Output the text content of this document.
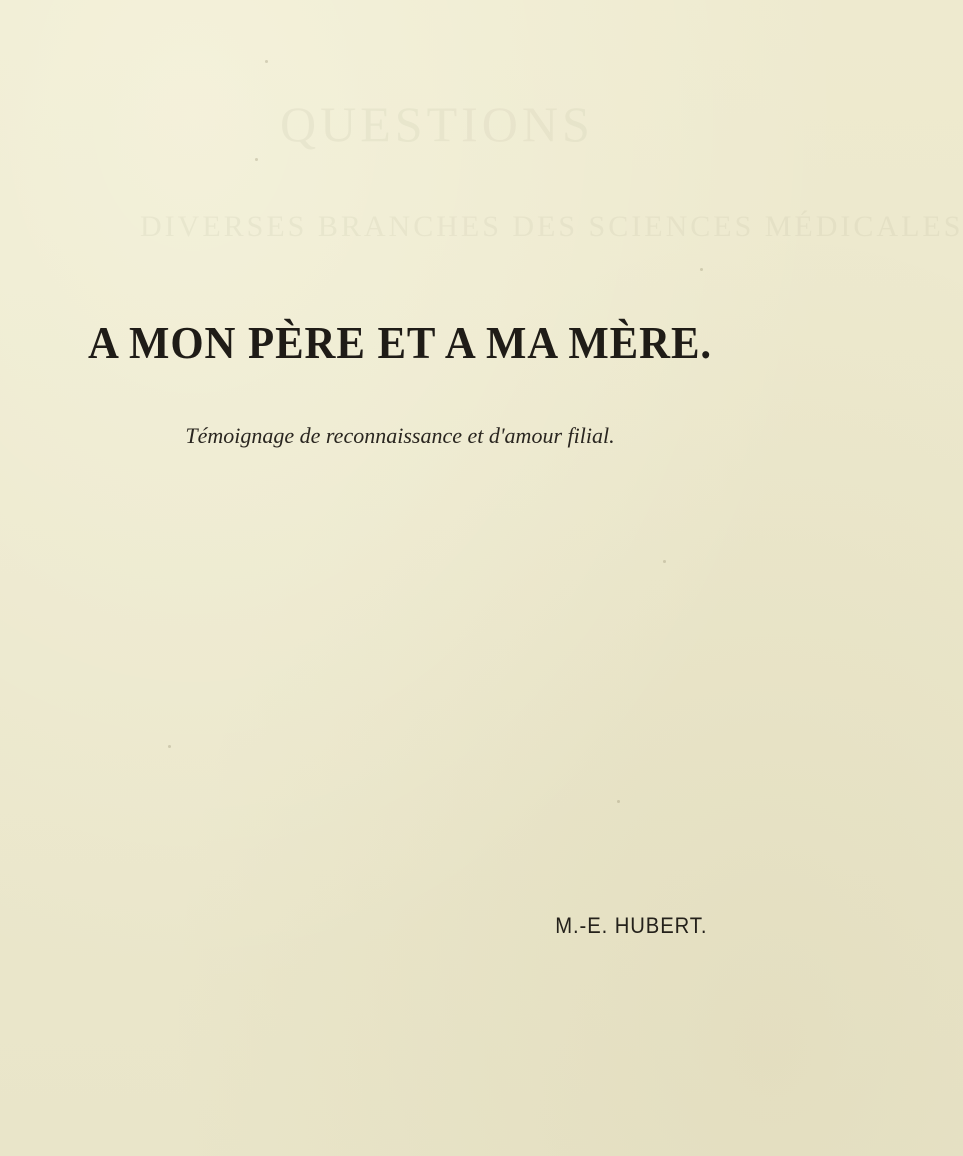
QUESTIONS
DIVERSES BRANCHES DES SCIENCES MÉDICALES
A MON PÈRE ET A MA MÈRE.

Témoignage de reconnaissance et d'amour filial.

M.-E. HUBERT.
